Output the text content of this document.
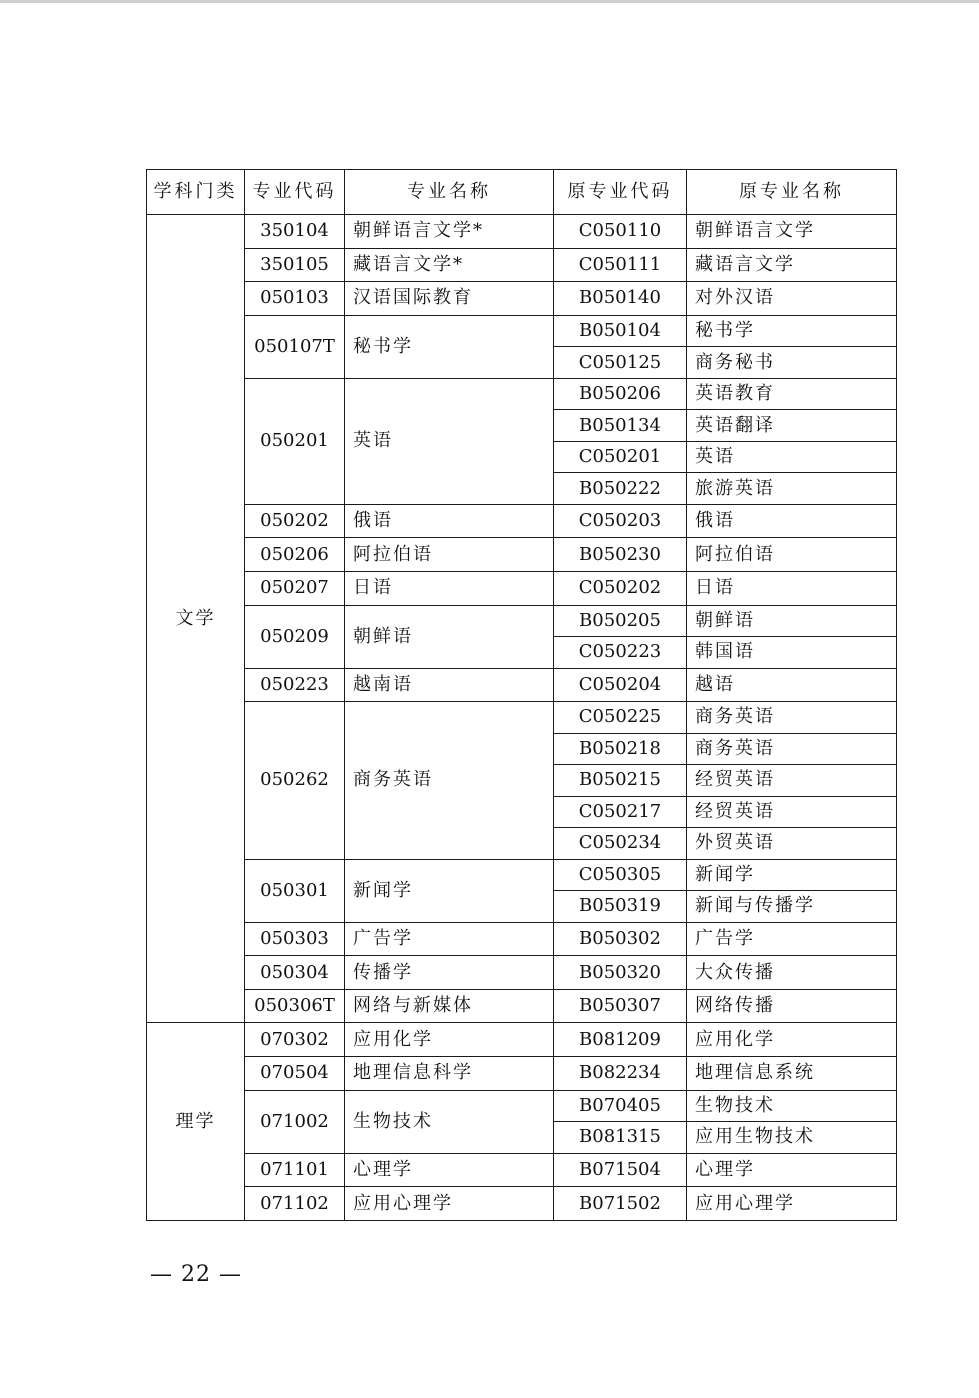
学科门类	专业代码	专业名称	原专业代码	原专业名称
文学	350104	朝鲜语言文学*	C050110	朝鲜语言文学
	350105	藏语言文学*	C050111	藏语言文学
	050103	汉语国际教育	B050140	对外汉语
	050107T	秘书学	B050104	秘书学
			C050125	商务秘书
	050201	英语	B050206	英语教育
			B050134	英语翻译
			C050201	英语
			B050222	旅游英语
	050202	俄语	C050203	俄语
	050206	阿拉伯语	B050230	阿拉伯语
	050207	日语	C050202	日语
	050209	朝鲜语	B050205	朝鲜语
			C050223	韩国语
	050223	越南语	C050204	越语
	050262	商务英语	C050225	商务英语
			B050218	商务英语
			B050215	经贸英语
			C050217	经贸英语
			C050234	外贸英语
	050301	新闻学	C050305	新闻学
			B050319	新闻与传播学
	050303	广告学	B050302	广告学
	050304	传播学	B050320	大众传播
	050306T	网络与新媒体	B050307	网络传播
理学	070302	应用化学	B081209	应用化学
	070504	地理信息科学	B082234	地理信息系统
	071002	生物技术	B070405	生物技术
			B081315	应用生物技术
	071101	心理学	B071504	心理学
	071102	应用心理学	B071502	应用心理学
— 22 —
